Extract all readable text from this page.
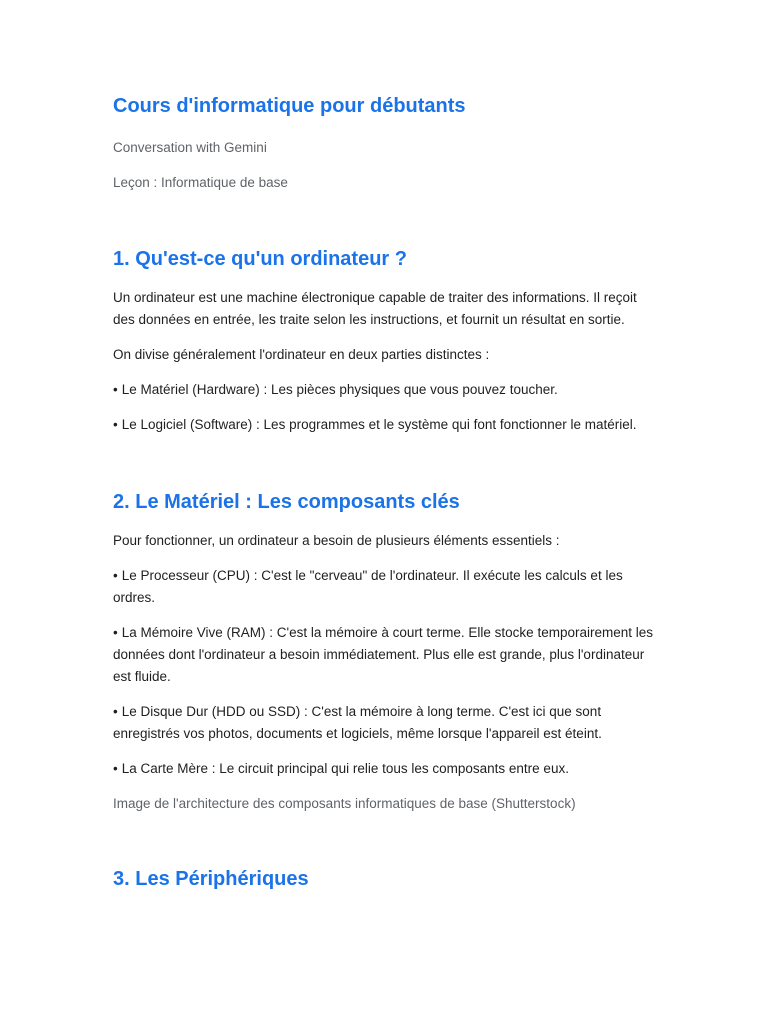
Cours d'informatique pour débutants

Conversation with Gemini

Leçon : Informatique de base

1. Qu'est-ce qu'un ordinateur ?

Un ordinateur est une machine électronique capable de traiter des informations. Il reçoit des données en entrée, les traite selon les instructions, et fournit un résultat en sortie.

On divise généralement l'ordinateur en deux parties distinctes :

• Le Matériel (Hardware) : Les pièces physiques que vous pouvez toucher.
• Le Logiciel (Software) : Les programmes et le système qui font fonctionner le matériel.
2. Le Matériel : Les composants clés

Pour fonctionner, un ordinateur a besoin de plusieurs éléments essentiels :

• Le Processeur (CPU) : C'est le "cerveau" de l'ordinateur. Il exécute les calculs et les ordres.
• La Mémoire Vive (RAM) : C'est la mémoire à court terme. Elle stocke temporairement les données dont l'ordinateur a besoin immédiatement. Plus elle est grande, plus l'ordinateur est fluide.
• Le Disque Dur (HDD ou SSD) : C'est la mémoire à long terme. C'est ici que sont enregistrés vos photos, documents et logiciels, même lorsque l'appareil est éteint.
• La Carte Mère : Le circuit principal qui relie tous les composants entre eux.

Image de l'architecture des composants informatiques de base (Shutterstock)

3. Les Périphériques
